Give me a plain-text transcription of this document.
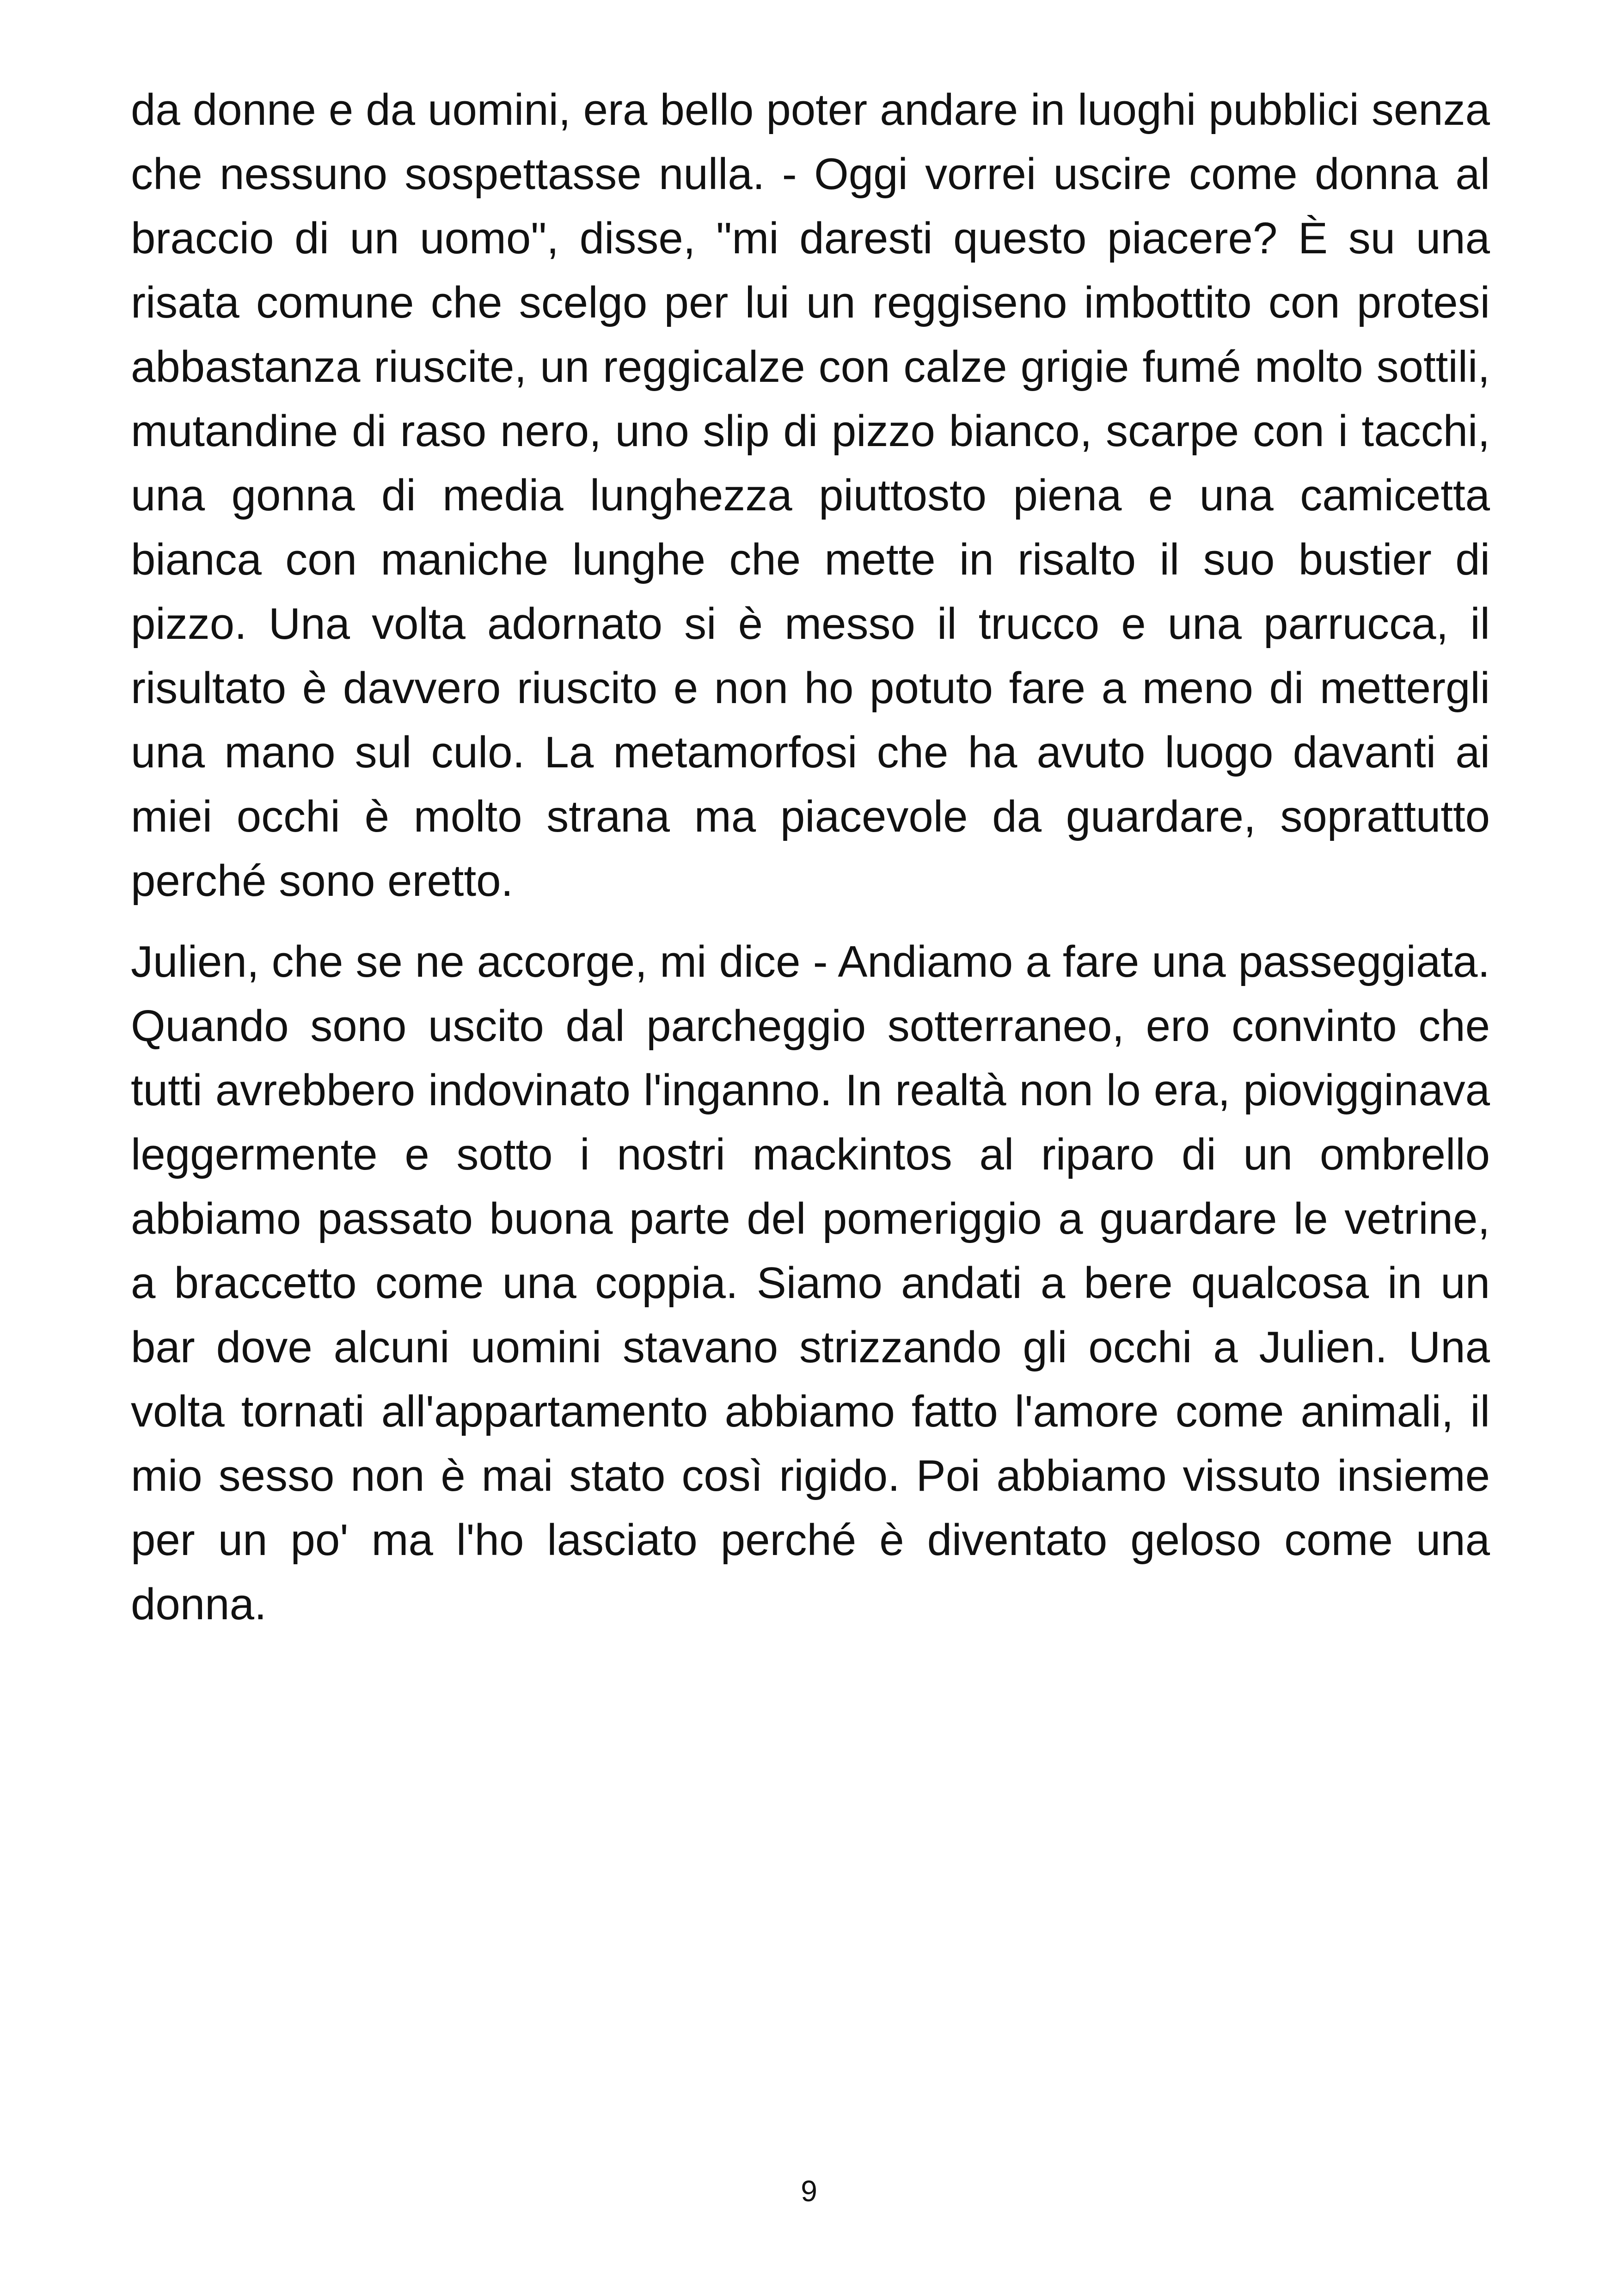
da donne e da uomini, era bello poter andare in luoghi pubblici senza che nessuno sospettasse nulla. - Oggi vorrei uscire come donna al braccio di un uomo", disse, "mi daresti questo piacere? È su una risata comune che scelgo per lui un reggiseno imbottito con protesi abbastanza riuscite, un reggicalze con calze grigie fumé molto sottili, mutandine di raso nero, uno slip di pizzo bianco, scarpe con i tacchi, una gonna di media lunghezza piuttosto piena e una camicetta bianca con maniche lunghe che mette in risalto il suo bustier di pizzo. Una volta adornato si è messo il trucco e una parrucca, il risultato è davvero riuscito e non ho potuto fare a meno di mettergli una mano sul culo. La metamorfosi che ha avuto luogo davanti ai miei occhi è molto strana ma piacevole da guardare, soprattutto perché sono eretto.

Julien, che se ne accorge, mi dice - Andiamo a fare una passeggiata. Quando sono uscito dal parcheggio sotterraneo, ero convinto che tutti avrebbero indovinato l'inganno. In realtà non lo era, piovigginava leggermente e sotto i nostri mackintos al riparo di un ombrello abbiamo passato buona parte del pomeriggio a guardare le vetrine, a braccetto come una coppia. Siamo andati a bere qualcosa in un bar dove alcuni uomini stavano strizzando gli occhi a Julien. Una volta tornati all'appartamento abbiamo fatto l'amore come animali, il mio sesso non è mai stato così rigido. Poi abbiamo vissuto insieme per un po' ma l'ho lasciato perché è diventato geloso come una donna.

9
